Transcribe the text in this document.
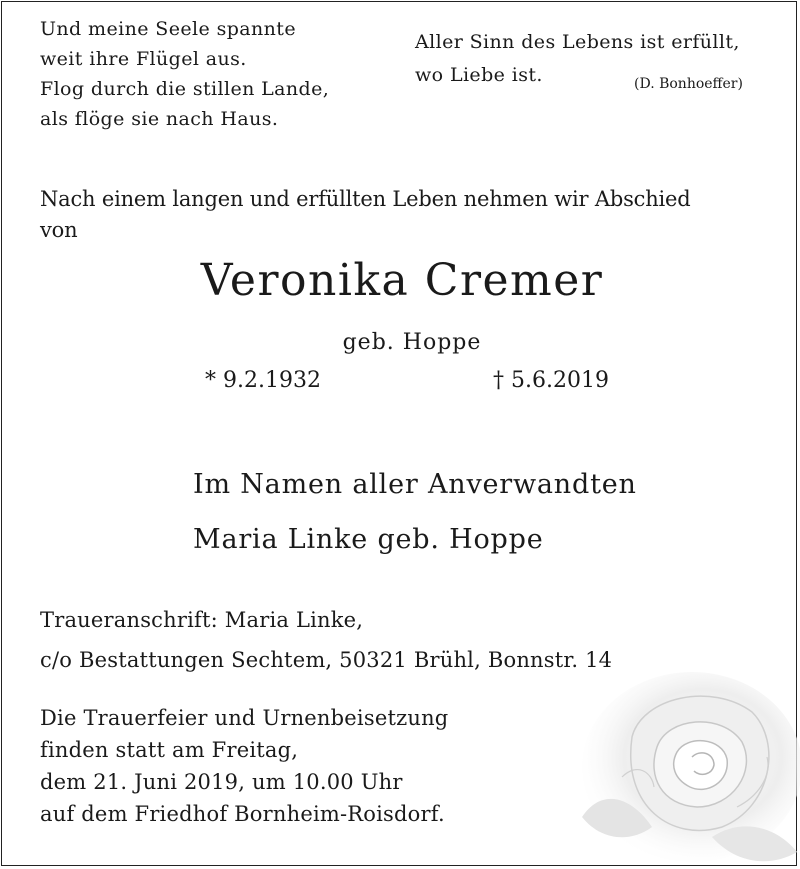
Und meine Seele spannte
weit ihre Flügel aus.
Flog durch die stillen Lande,
als flöge sie nach Haus.
Aller Sinn des Lebens ist erfüllt,
wo Liebe ist.	(D. Bonhoeffer)
Nach einem langen und erfüllten Leben nehmen wir Abschied
von
Veronika Cremer
geb. Hoppe
* 9.2.1932	† 5.6.2019
Im Namen aller Anverwandten
Maria Linke geb. Hoppe
Traueranschrift: Maria Linke,
c/o Bestattungen Sechtem, 50321 Brühl, Bonnstr. 14
Die Trauerfeier und Urnenbeisetzung
finden statt am Freitag,
dem 21. Juni 2019, um 10.00 Uhr
auf dem Friedhof Bornheim-Roisdorf.
